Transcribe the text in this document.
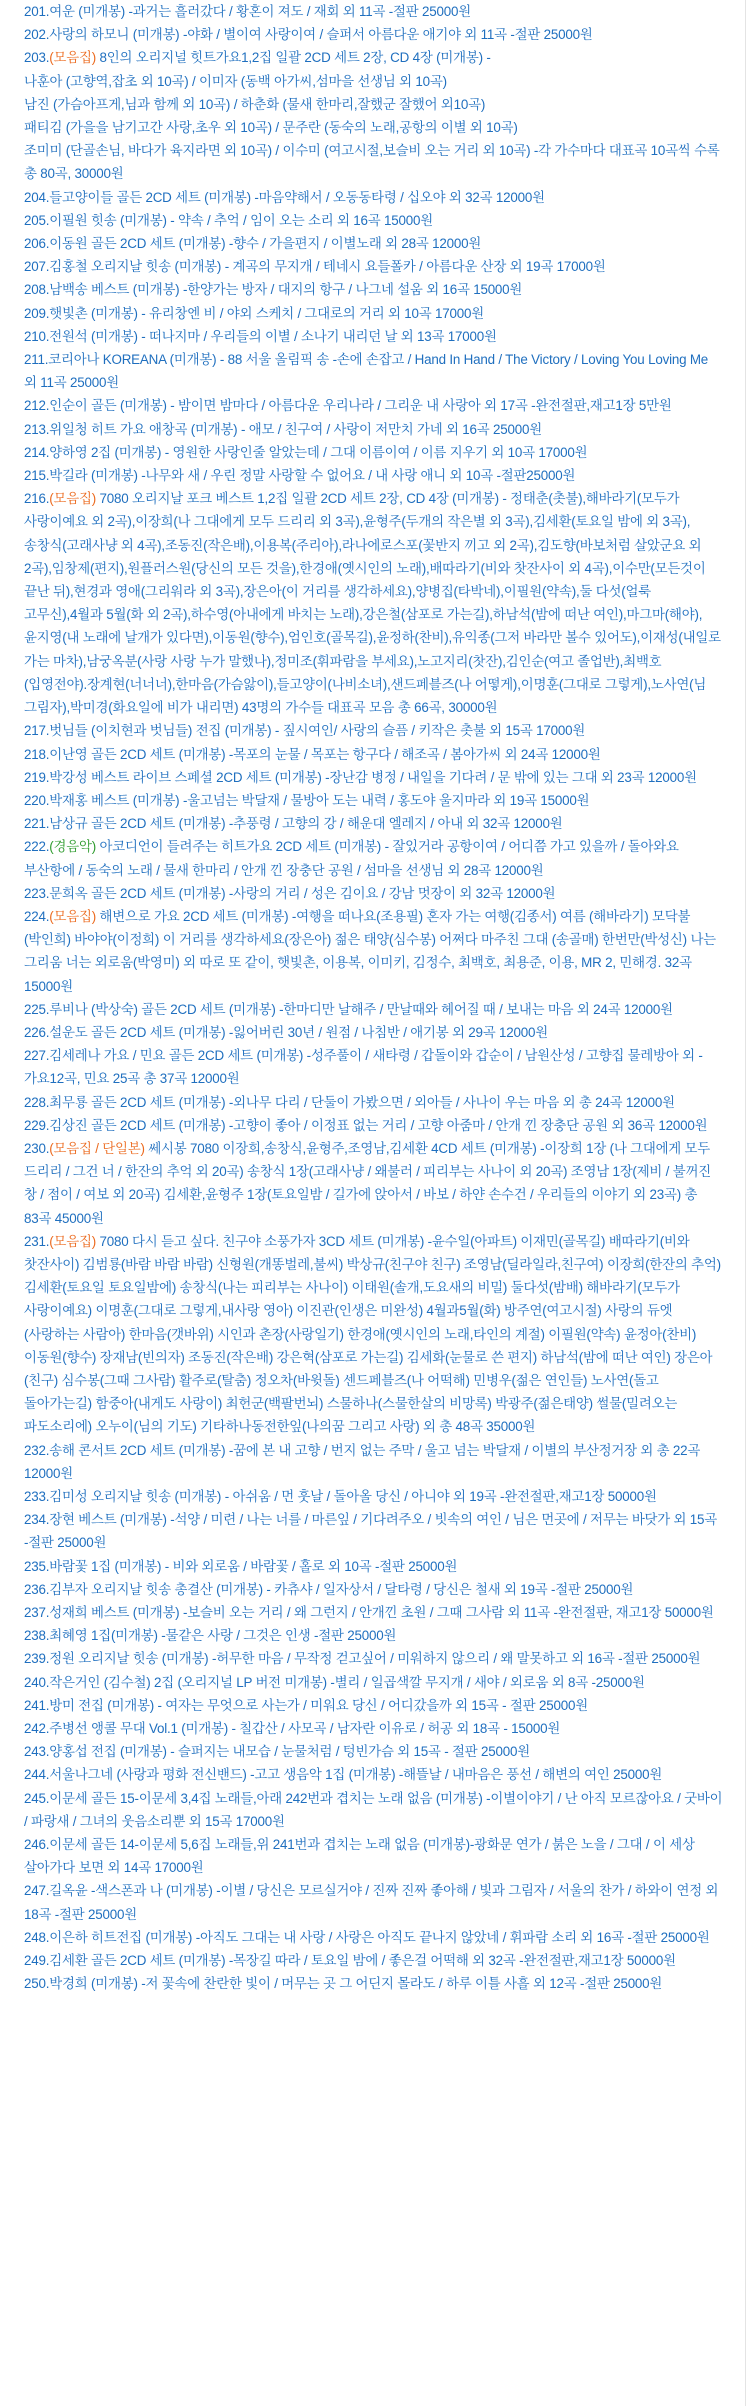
201.여운 (미개봉) -과거는 흘러갔다 / 황혼이 져도 / 재회 외 11곡 -절판 25000원
202.사랑의 하모니 (미개봉) -야화 / 별이여 사랑이여 / 슬퍼서 아름다운 애기야 외 11곡 -절판 25000원
203.(모음집) 8인의 오리지널 힛트가요1,2집 일괄 2CD 세트 2장, CD 4장 (미개봉) -
나훈아 (고향역,잡초 외 10곡) / 이미자 (동백 아가씨,섬마을 선생님 외 10곡)
남진 (가슴아프게,님과 함께 외 10곡) / 하춘화 (물새 한마리,잘했군 잘했어 외10곡)
패티김 (가을을 남기고간 사랑,초우 외 10곡) / 문주란 (동숙의 노래,공항의 이별 외 10곡)
조미미 (단골손님, 바다가 육지라면 외 10곡) / 이수미 (여고시절,보슬비 오는 거리 외 10곡) -각 가수마다 대표곡 10곡씩 수록 총 80곡, 30000원
204.들고양이들 골든 2CD 세트 (미개봉) -마음약해서 / 오동동타령 / 십오야 외 32곡 12000원
205.이필원 힛송 (미개봉) - 약속 / 추억 / 임이 오는 소리 외 16곡 15000원
206.이동원 골든 2CD 세트 (미개봉) -향수 / 가을편지 / 이별노래 외 28곡 12000원
207.김홍철 오리지날 힛송 (미개봉) - 계곡의 무지개 / 테네시 요들폴카 / 아름다운 산장 외 19곡 17000원
208.남백송 베스트 (미개봉) -한양가는 방자 / 대지의 항구 / 나그네 설움 외 16곡 15000원
209.햇빛촌 (미개봉) - 유리창엔 비 / 야외 스케치 / 그대로의 거리 외 10곡 17000원
210.전원석 (미개봉) - 떠나지마 / 우리들의 이별 / 소나기 내리던 날 외 13곡 17000원
211.코리아나 KOREANA (미개봉) - 88 서울 올림픽 송 -손에 손잡고 / Hand In Hand / The Victory / Loving You Loving Me 외 11곡 25000원
212.인순이 골든 (미개봉) - 밤이면 밤마다 / 아름다운 우리나라 / 그리운 내 사랑아 외 17곡 -완전절판,재고1장 5만원
213.위일청 히트 가요 애창곡 (미개봉) - 애모 / 친구여 / 사랑이 저만치 가네 외 16곡 25000원
214.양하영 2집 (미개봉) - 영원한 사랑인줄 알았는데 / 그대 이름이여 / 이름 지우기 외 10곡 17000원
215.박길라 (미개봉) -나무와 새 / 우린 정말 사랑할 수 없어요 / 내 사랑 애니 외 10곡 -절판25000원
216.(모음집) 7080 오리지날 포크 베스트 1,2집 일괄 2CD 세트 2장, CD 4장 (미개봉) - 정태춘(촛불),해바라기(모두가 사랑이예요 외 2곡),이장희(나 그대에게 모두 드리리 외 3곡),윤형주(두개의 작은별 외 3곡),김세환(토요일 밤에 외 3곡),송창식(고래사냥 외 4곡),조동진(작은배),이용복(주리아),라나에로스포(꽃반지 끼고 외 2곡),김도향(바보처럼 살았군요 외 2곡),임창제(편지),원플러스원(당신의 모든 것을),한경애(옛시인의 노래),배따라기(비와 찻잔사이 외 4곡),이수만(모든것이 끝난 뒤),현경과 영애(그리워라 외 3곡),장은아(이 거리를 생각하세요),양병집(타박네),이필원(약속),둘 다섯(얼룩 고무신),4월과 5월(화 외 2곡),하수영(아내에게 바치는 노래),강은철(삼포로 가는길),하남석(밤에 떠난 여인),마그마(해야),윤지영(내 노래에 날개가 있다면),이동원(향수),엄인호(골목길),윤정하(찬비),유익종(그저 바라만 볼수 있어도),이재성(내일로 가는 마차),남궁옥분(사랑 사랑 누가 말했나),정미조(휘파람을 부세요),노고지리(찻잔),김인순(여고 졸업반),최백호(입영전야).장계현(너너너),한마음(가슴앓이),들고양이(나비소녀),샌드페블즈(나 어떻게),이명훈(그대로 그렇게),노사연(님 그림자),박미경(화요일에 비가 내리면) 43명의 가수들 대표곡 모음 총 66곡, 30000원
217.벗님들 (이치현과 벗님들) 전집 (미개봉) - 짚시여인/ 사랑의 슬픔 / 키작은 촛불 외 15곡 17000원
218.이난영 골든 2CD 세트 (미개봉) -목포의 눈물 / 목포는 항구다 / 해조곡 / 봄아가씨 외 24곡 12000원
219.박강성 베스트 라이브 스페셜 2CD 세트 (미개봉) -장난감 병정 / 내일을 기다려 / 문 밖에 있는 그대 외 23곡 12000원
220.박재홍 베스트 (미개봉) -울고넘는 박달재 / 물방아 도는 내력 / 홍도야 울지마라 외 19곡 15000원
221.남상규 골든 2CD 세트 (미개봉) -추풍령 / 고향의 강 / 해운대 엘레지 / 아내 외 32곡 12000원
222.(경음악) 아코디언이 들려주는 히트가요 2CD 세트 (미개봉) - 잘있거라 공항이여 / 어디쯤 가고 있을까 / 돌아와요 부산항에 / 동숙의 노래 / 물새 한마리 / 안개 낀 장충단 공원 / 섬마을 선생님 외 28곡 12000원
223.문희옥 골든 2CD 세트 (미개봉) -사랑의 거리 / 성은 김이요 / 강남 멋장이 외 32곡 12000원
224.(모음집) 해변으로 가요 2CD 세트 (미개봉) -여행을 떠나요(조용필) 혼자 가는 여행(김종서) 여름 (해바라기) 모닥불(박인희) 바야야(이정희) 이 거리를 생각하세요(장은아) 젊은 태양(심수봉) 어쩌다 마주친 그대 (송골매) 한번만(박성신) 나는 그리움 너는 외로움(박영미) 외 따로 또 같이, 햇빛촌, 이용복, 이미키, 김정수, 최백호, 최용준, 이용, MR 2, 민해경. 32곡 15000원
225.루비나 (박상숙) 골든 2CD 세트 (미개봉) -한마디만 날해주 / 만날때와 헤어질 때 / 보내는 마음 외 24곡 12000원
226.설운도 골든 2CD 세트 (미개봉) -잃어버린 30년 / 원점 / 나침반 / 애기봉 외 29곡 12000원
227.김세레나 가요 / 민요 골든 2CD 세트 (미개봉) -성주풀이 / 새타령 / 갑돌이와 갑순이 / 남원산성 / 고향집 물레방아 외 - 가요12곡, 민요 25곡 총 37곡 12000원
228.최무룡 골든 2CD 세트 (미개봉) -외나무 다리 / 단둘이 가봤으면 / 외아들 / 사나이 우는 마음 외 총 24곡 12000원
229.김상진 골든 2CD 세트 (미개봉) -고향이 좋아 / 이정표 없는 거리 / 고향 아줌마 / 안개 낀 장충단 공원 외 36곡 12000원
230.(모음집 / 단일본) 쎄시봉 7080 이장희,송창식,윤형주,조영남,김세환 4CD 세트 (미개봉) -이장희 1장 (나 그대에게 모두 드리리 / 그건 너 / 한잔의 추억 외 20곡) 송창식 1장(고래사냥 / 왜불러 / 피리부는 사나이 외 20곡) 조영남 1장(제비 / 불꺼진 창 / 점이 / 여보 외 20곡) 김세환,윤형주 1장(토요일밤 / 길가에 앉아서 / 바보 / 하얀 손수건 / 우리들의 이야기 외 23곡) 총 83곡 45000원
231.(모음집) 7080 다시 듣고 싶다. 친구야 소풍가자 3CD 세트 (미개봉) -윤수일(아파트) 이재민(골목길) 배따라기(비와 찻잔사이) 김범룡(바람 바람 바람) 신형원(개똥벌레,불씨) 박상규(친구야 친구) 조영남(딜라일라,친구여) 이장희(한잔의 추억) 김세환(토요일 토요일밤에) 송창식(나는 피리부는 사나이) 이태원(솔개,도요새의 비밀) 둘다섯(밤배) 해바라기(모두가 사랑이예요) 이명훈(그대로 그렇게,내사랑 영아) 이진관(인생은 미완성) 4월과5월(화) 방주연(여고시절) 사랑의 듀엣(사랑하는 사람아) 한마음(갯바위) 시인과 촌장(사랑일기) 한경애(옛시인의 노래,타인의 계절) 이필원(약속) 윤정아(찬비) 이동원(향수) 장재남(빈의자) 조동진(작은배) 강은혁(삼포로 가는길) 김세화(눈물로 쓴 편지) 하남석(밤에 떠난 여인) 장은아(친구) 심수봉(그때 그사람) 활주로(탈춤) 정오차(바윗돌) 센드페블즈(나 어떡해) 민병우(젊은 연인들) 노사연(돌고 돌아가는길) 함중아(내게도 사랑이) 최헌군(백팔번뇌) 스물하나(스물한살의 비망록) 박광주(젊은태양) 썰물(밀려오는 파도소리에) 오누이(님의 기도) 기타하나동전한잎(나의꿈 그리고 사랑) 외 총 48곡 35000원
232.송해 콘서트 2CD 세트 (미개봉) -꿈에 본 내 고향 / 번지 없는 주막 / 울고 넘는 박달재 / 이별의 부산정거장 외 총 22곡 12000원
233.김미성 오리지날 힛송 (미개봉) - 아쉬움 / 먼 훗날 / 돌아올 당신 / 아니야 외 19곡 -완전절판,재고1장 50000원
234.장현 베스트 (미개봉) -석양 / 미련 / 나는 너를 / 마른잎 / 기다려주오 / 빗속의 여인 / 님은 먼곳에 / 저무는 바닷가 외 15곡 -절판 25000원
235.바람꽃 1집 (미개봉) - 비와 외로움 / 바람꽃 / 홀로 외 10곡 -절판 25000원
236.김부자 오리지날 힛송 총결산 (미개봉) - 카츄샤 / 일자상서 / 달타령 / 당신은 철새 외 19곡 -절판 25000원
237.성재희 베스트 (미개봉) -보슬비 오는 거리 / 왜 그런지 / 안개낀 초원 / 그때 그사람 외 11곡 -완전절판, 재고1장 50000원
238.최혜영 1집(미개봉) -물같은 사랑 / 그것은 인생 -절판 25000원
239.정원 오리지날 힛송 (미개봉) -허무한 마음 / 무작정 걷고싶어 / 미워하지 않으리 / 왜 말못하고 외 16곡 -절판 25000원
240.작은거인 (김수철) 2집 (오리지널 LP 버전 미개봉) -별리 / 일곱색깔 무지개 / 새야 / 외로움 외 8곡 -25000원
241.방미 전집 (미개봉) - 여자는 무엇으로 사는가 / 미워요 당신 / 어디갔을까 외 15곡 - 절판 25000원
242.주병선 앵콜 무대 Vol.1 (미개봉) - 칠갑산 / 사모곡 / 남자란 이유로 / 허공 외 18곡 - 15000원
243.양홍섭 전집 (미개봉) - 슬퍼지는 내모습 / 눈물처럼 / 텅빈가슴 외 15곡 - 절판 25000원
244.서울나그네 (사랑과 평화 전신밴드) -고고 생음악 1집 (미개봉) -해뜰날 / 내마음은 풍선 / 해변의 여인 25000원
245.이문세 골든 15-이문세 3,4집 노래들,아래 242번과 겹치는 노래 없음 (미개봉) -이별이야기 / 난 아직 모르잖아요 / 굿바이 / 파랑새 / 그녀의 웃음소리뿐 외 15곡 17000원
246.이문세 골든 14-이문세 5,6집 노래들,위 241번과 겹치는 노래 없음 (미개봉)-광화문 연가 / 붉은 노을 / 그대 / 이 세상 살아가다 보면 외 14곡 17000원
247.길옥윤 -색스폰과 나 (미개봉) -이별 / 당신은 모르실거야 / 진짜 진짜 좋아해 / 빛과 그림자 / 서울의 찬가 / 하와이 연정 외 18곡 -절판 25000원
248.이은하 히트전집 (미개봉) -아직도 그대는 내 사랑 / 사랑은 아직도 끝나지 않았네 / 휘파람 소리 외 16곡 -절판 25000원
249.김세환 골든 2CD 세트 (미개봉) -목장길 따라 / 토요일 밤에 / 좋은걸 어떡해 외 32곡 -완전절판,재고1장 50000원
250.박경희 (미개봉) -저 꽃속에 찬란한 빛이 / 머무는 곳 그 어딘지 몰라도 / 하루 이틀 사흘 외 12곡 -절판 25000원
